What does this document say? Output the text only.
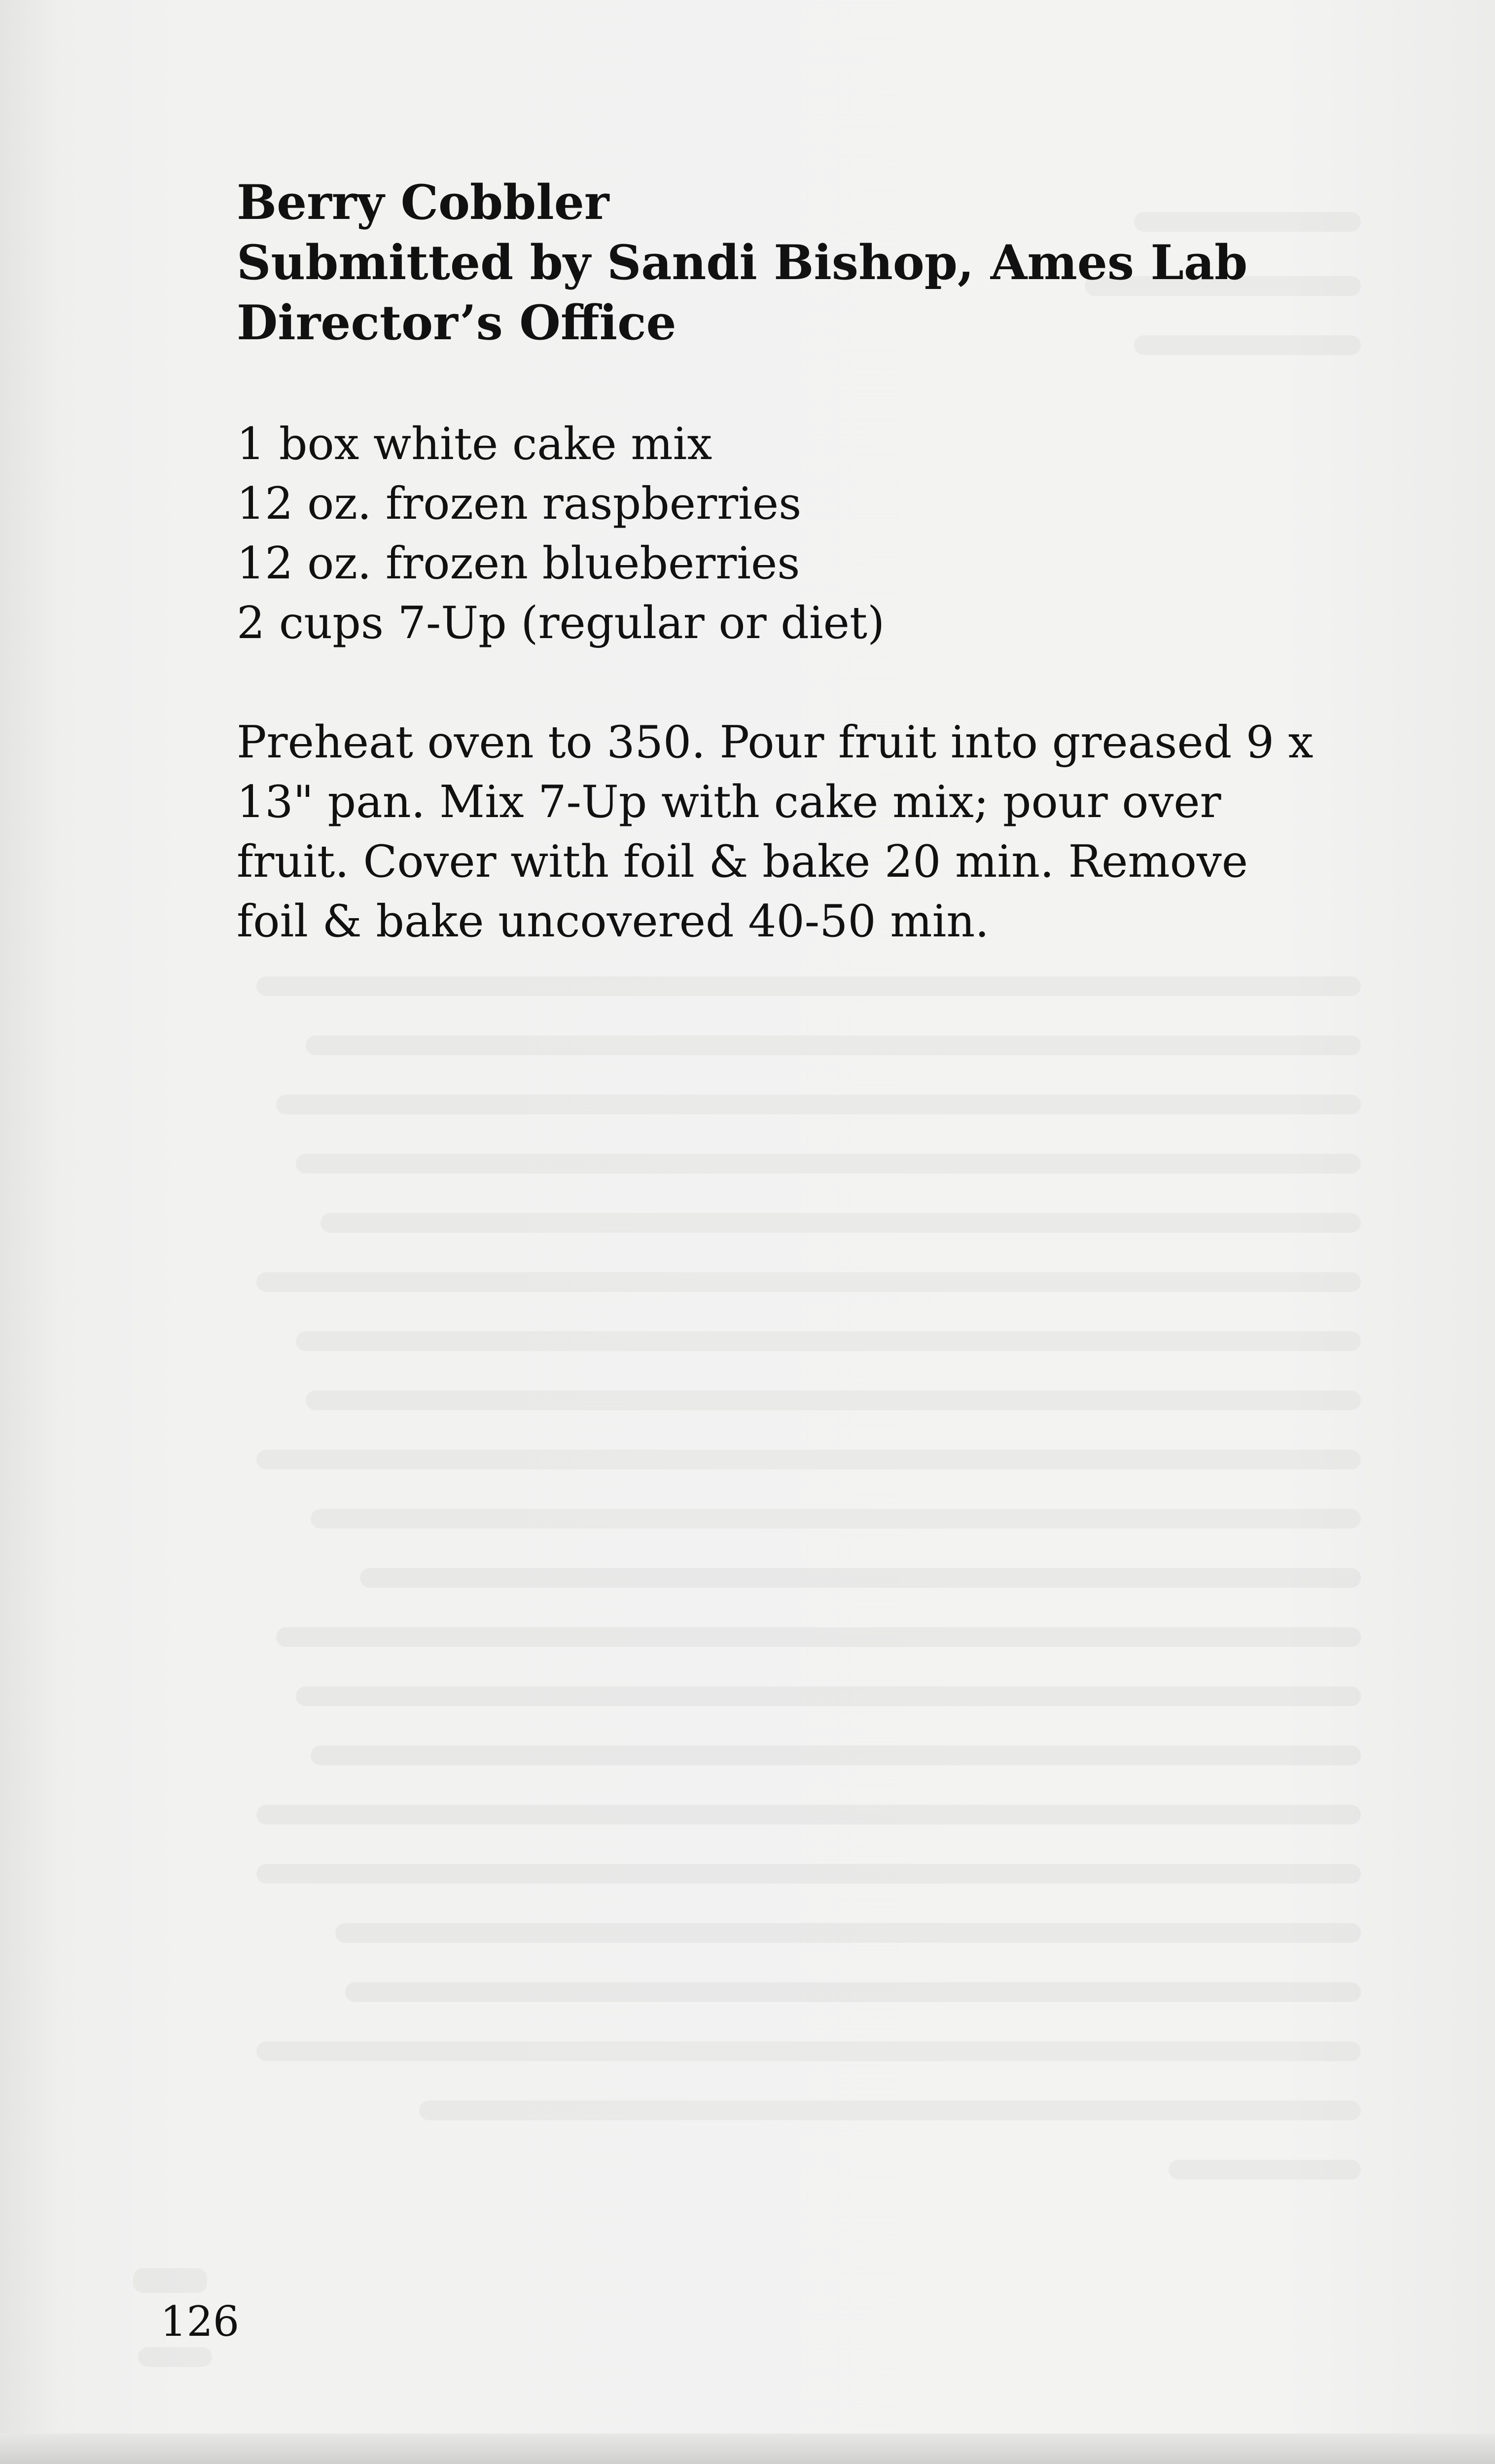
Berry Cobbler
Submitted by Sandi Bishop, Ames Lab
Director’s Office
1 box white cake mix
12 oz. frozen raspberries
12 oz. frozen blueberries
2 cups 7-Up (regular or diet)
Preheat oven to 350. Pour fruit into greased 9 x
13" pan. Mix 7-Up with cake mix; pour over
fruit. Cover with foil & bake 20 min. Remove
foil & bake uncovered 40-50 min.
126
